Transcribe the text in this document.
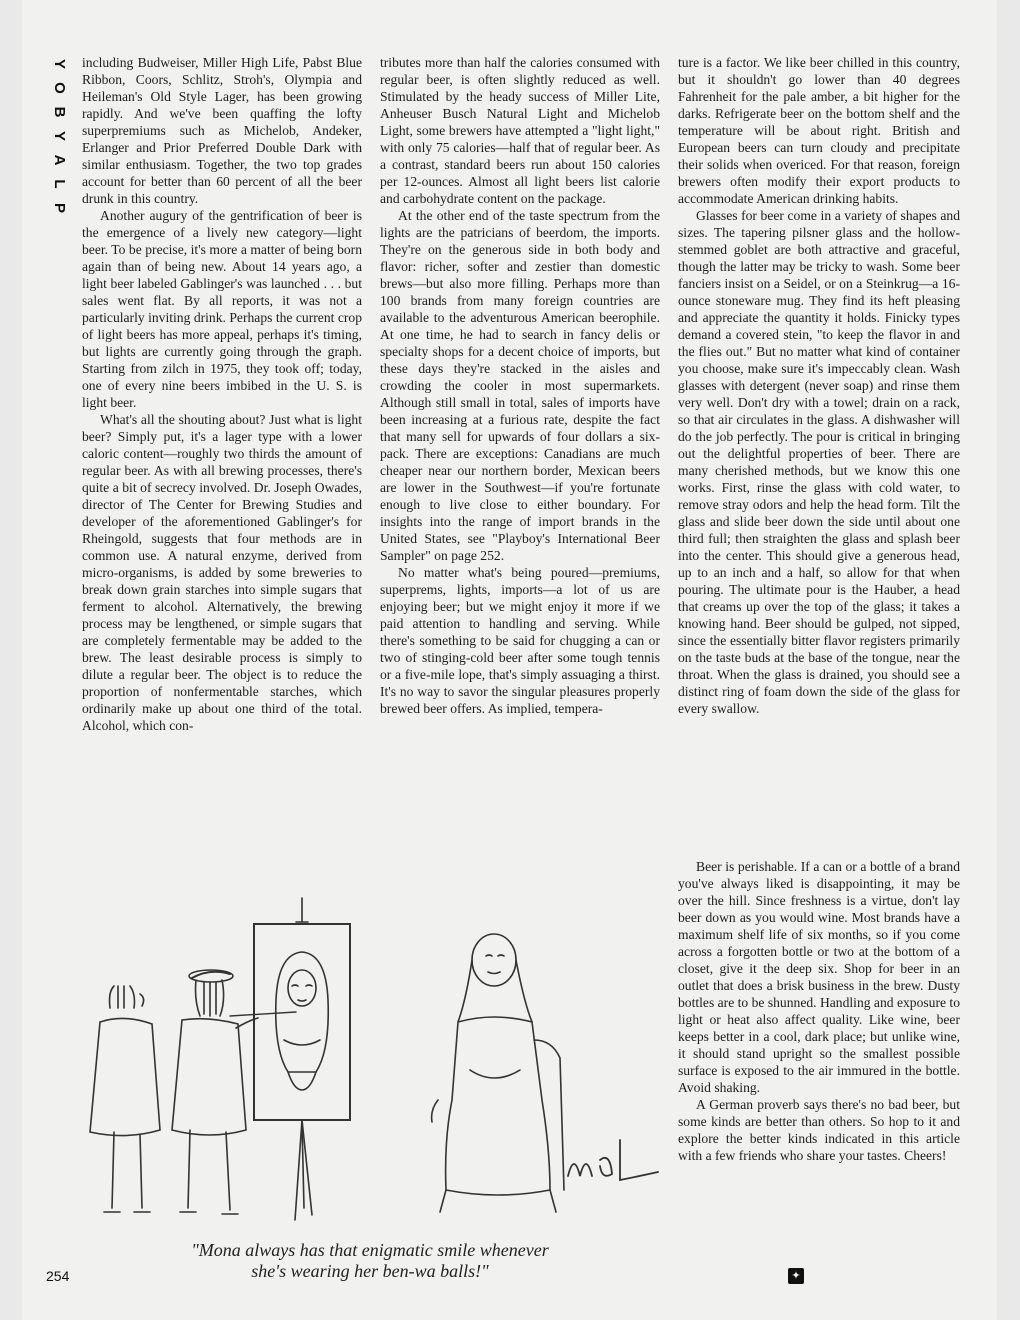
Y
O
B
Y
A
L
P

including Budweiser, Miller High Life, Pabst Blue Ribbon, Coors, Schlitz, Stroh's, Olympia and Heileman's Old Style Lager, has been growing rapidly. And we've been quaffing the lofty superpremiums such as Michelob, Andeker, Erlanger and Prior Preferred Double Dark with similar enthusiasm. Together, the two top grades account for better than 60 percent of all the beer drunk in this country.

Another augury of the gentrification of beer is the emergence of a lively new category—light beer. To be precise, it's more a matter of being born again than of being new. About 14 years ago, a light beer labeled Gablinger's was launched . . . but sales went flat. By all reports, it was not a particularly inviting drink. Perhaps the current crop of light beers has more appeal, perhaps it's timing, but lights are currently going through the graph. Starting from zilch in 1975, they took off; today, one of every nine beers imbibed in the U. S. is light beer.

What's all the shouting about? Just what is light beer? Simply put, it's a lager type with a lower caloric content—roughly two thirds the amount of regular beer. As with all brewing processes, there's quite a bit of secrecy involved. Dr. Joseph Owades, director of The Center for Brewing Studies and developer of the aforementioned Gablinger's for Rheingold, suggests that four methods are in common use. A natural enzyme, derived from micro-organisms, is added by some breweries to break down grain starches into simple sugars that ferment to alcohol. Alternatively, the brewing process may be lengthened, or simple sugars that are completely fermentable may be added to the brew. The least desirable process is simply to dilute a regular beer. The object is to reduce the proportion of nonfermentable starches, which ordinarily make up about one third of the total. Alcohol, which con-

tributes more than half the calories consumed with regular beer, is often slightly reduced as well. Stimulated by the heady success of Miller Lite, Anheuser Busch Natural Light and Michelob Light, some brewers have attempted a "light light," with only 75 calories—half that of regular beer. As a contrast, standard beers run about 150 calories per 12-ounces. Almost all light beers list calorie and carbohydrate content on the package.

At the other end of the taste spectrum from the lights are the patricians of beerdom, the imports. They're on the generous side in both body and flavor: richer, softer and zestier than domestic brews—but also more filling. Perhaps more than 100 brands from many foreign countries are available to the adventurous American beerophile. At one time, he had to search in fancy delis or specialty shops for a decent choice of imports, but these days they're stacked in the aisles and crowding the cooler in most supermarkets. Although still small in total, sales of imports have been increasing at a furious rate, despite the fact that many sell for upwards of four dollars a six-pack. There are exceptions: Canadians are much cheaper near our northern border, Mexican beers are lower in the Southwest—if you're fortunate enough to live close to either boundary. For insights into the range of import brands in the United States, see "Playboy's International Beer Sampler" on page 252.

No matter what's being poured—premiums, superprems, lights, imports—a lot of us are enjoying beer; but we might enjoy it more if we paid attention to handling and serving. While there's something to be said for chugging a can or two of stinging-cold beer after some tough tennis or a five-mile lope, that's simply assuaging a thirst. It's no way to savor the singular pleasures properly brewed beer offers. As implied, tempera-

ture is a factor. We like beer chilled in this country, but it shouldn't go lower than 40 degrees Fahrenheit for the pale amber, a bit higher for the darks. Refrigerate beer on the bottom shelf and the temperature will be about right. British and European beers can turn cloudy and precipitate their solids when overiced. For that reason, foreign brewers often modify their export products to accommodate American drinking habits.

Glasses for beer come in a variety of shapes and sizes. The tapering pilsner glass and the hollow-stemmed goblet are both attractive and graceful, though the latter may be tricky to wash. Some beer fanciers insist on a Seidel, or on a Steinkrug—a 16-ounce stoneware mug. They find its heft pleasing and appreciate the quantity it holds. Finicky types demand a covered stein, "to keep the flavor in and the flies out." But no matter what kind of container you choose, make sure it's impeccably clean. Wash glasses with detergent (never soap) and rinse them very well. Don't dry with a towel; drain on a rack, so that air circulates in the glass. A dishwasher will do the job perfectly. The pour is critical in bringing out the delightful properties of beer. There are many cherished methods, but we know this one works. First, rinse the glass with cold water, to remove stray odors and help the head form. Tilt the glass and slide beer down the side until about one third full; then straighten the glass and splash beer into the center. This should give a generous head, up to an inch and a half, so allow for that when pouring. The ultimate pour is the Hauber, a head that creams up over the top of the glass; it takes a knowing hand. Beer should be gulped, not sipped, since the essentially bitter flavor registers primarily on the taste buds at the base of the tongue, near the throat. When the glass is drained, you should see a distinct ring of foam down the side of the glass for every swallow.

Beer is perishable. If a can or a bottle of a brand you've always liked is disappointing, it may be over the hill. Since freshness is a virtue, don't lay beer down as you would wine. Most brands have a maximum shelf life of six months, so if you come across a forgotten bottle or two at the bottom of a closet, give it the deep six. Shop for beer in an outlet that does a brisk business in the brew. Dusty bottles are to be shunned. Handling and exposure to light or heat also affect quality. Like wine, beer keeps better in a cool, dark place; but unlike wine, it should stand upright so the smallest possible surface is exposed to the air immured in the bottle. Avoid shaking.

A German proverb says there's no bad beer, but some kinds are better than others. So hop to it and explore the better kinds indicated in this article with a few friends who share your tastes. Cheers!

"Mona always has that enigmatic smile whenever
she's wearing her ben-wa balls!"
254	✦
